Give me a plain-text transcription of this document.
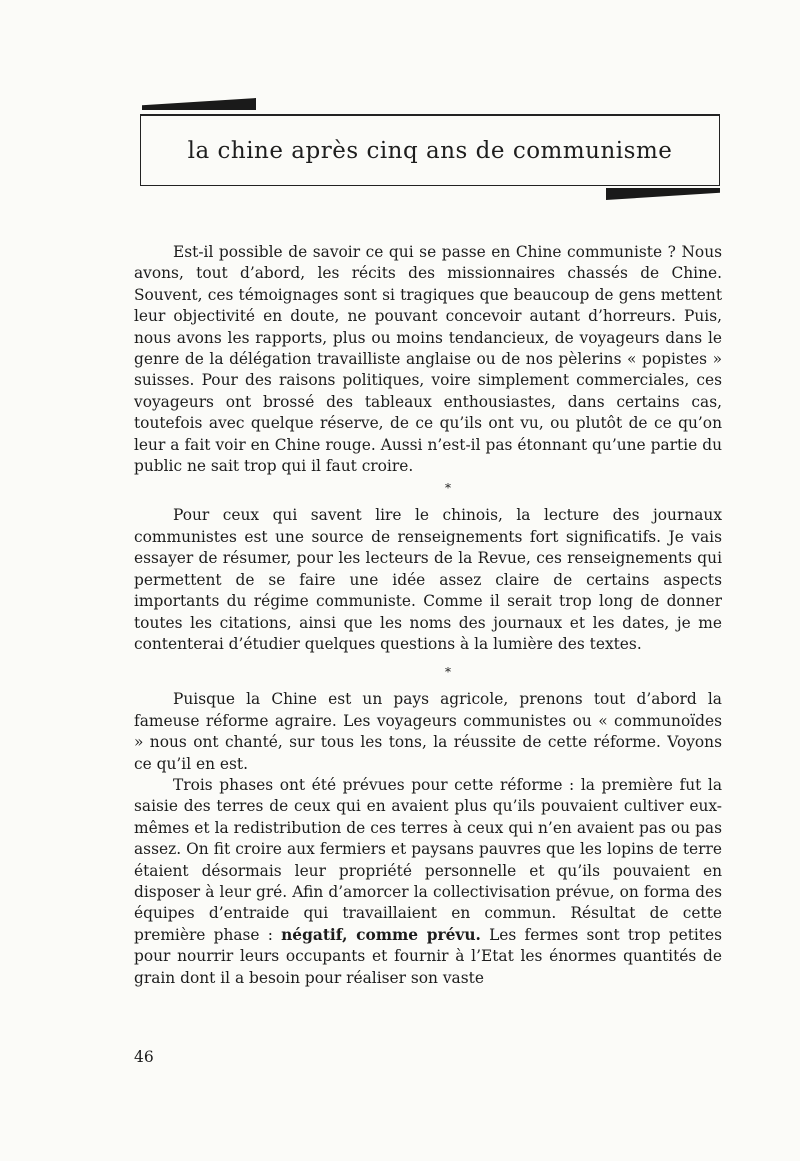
la chine après cinq ans de communisme

Est-il possible de savoir ce qui se passe en Chine communiste ? Nous avons, tout d’abord, les récits des missionnaires chassés de Chine. Souvent, ces témoignages sont si tragiques que beaucoup de gens mettent leur objectivité en doute, ne pouvant concevoir autant d’horreurs. Puis, nous avons les rapports, plus ou moins tendancieux, de voyageurs dans le genre de la délégation travailliste anglaise ou de nos pèlerins « popistes » suisses. Pour des raisons politiques, voire simplement commerciales, ces voyageurs ont brossé des tableaux enthousiastes, dans certains cas, toutefois avec quelque réserve, de ce qu’ils ont vu, ou plutôt de ce qu’on leur a fait voir en Chine rouge. Aussi n’est-il pas étonnant qu’une partie du public ne sait trop qui il faut croire.

*

Pour ceux qui savent lire le chinois, la lecture des journaux communistes est une source de renseignements fort significatifs. Je vais essayer de résumer, pour les lecteurs de la Revue, ces renseignements qui permettent de se faire une idée assez claire de certains aspects importants du régime communiste. Comme il serait trop long de donner toutes les citations, ainsi que les noms des journaux et les dates, je me contenterai d’étudier quelques questions à la lumière des textes.

*

Puisque la Chine est un pays agricole, prenons tout d’abord la fameuse réforme agraire. Les voyageurs communistes ou « communoïdes » nous ont chanté, sur tous les tons, la réussite de cette réforme. Voyons ce qu’il en est.

Trois phases ont été prévues pour cette réforme : la première fut la saisie des terres de ceux qui en avaient plus qu’ils pouvaient cultiver eux-mêmes et la redistribution de ces terres à ceux qui n’en avaient pas ou pas assez. On fit croire aux fermiers et paysans pauvres que les lopins de terre étaient désormais leur propriété personnelle et qu’ils pouvaient en disposer à leur gré. Afin d’amorcer la collectivisation prévue, on forma des équipes d’entraide qui travaillaient en commun. Résultat de cette première phase : négatif, comme prévu. Les fermes sont trop petites pour nourrir leurs occupants et fournir à l’Etat les énormes quantités de grain dont il a besoin pour réaliser son vaste

46
